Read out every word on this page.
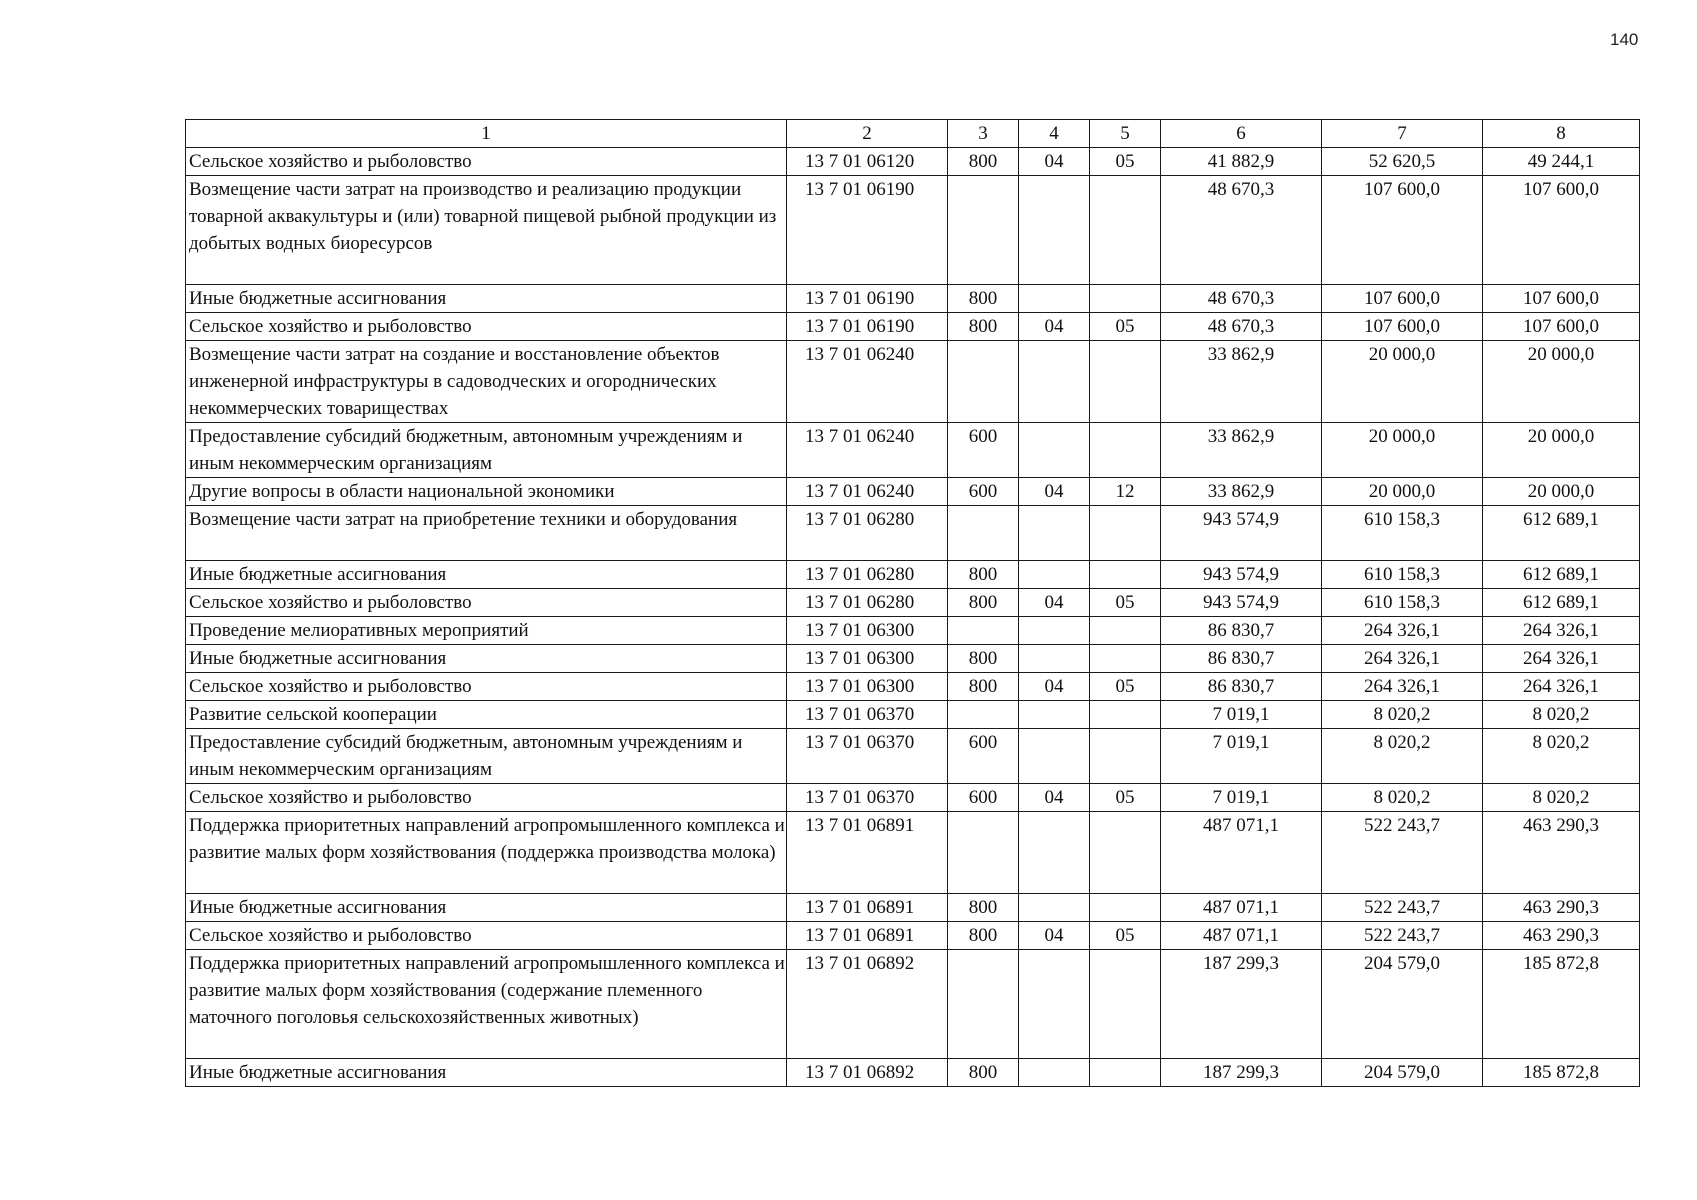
140
1	2	3	4	5	6	7	8
Сельское хозяйство и рыболовство	13 7 01 06120	800	04	05	41 882,9	52 620,5	49 244,1
Возмещение части затрат на производство и реализацию продукции товарной аквакультуры и (или) товарной пищевой рыбной продукции из добытых водных биоресурсов	13 7 01 06190				48 670,3	107 600,0	107 600,0
Иные бюджетные ассигнования	13 7 01 06190	800			48 670,3	107 600,0	107 600,0
Сельское хозяйство и рыболовство	13 7 01 06190	800	04	05	48 670,3	107 600,0	107 600,0
Возмещение части затрат на создание и восстановление объектов инженерной инфраструктуры в садоводческих и огороднических некоммерческих товариществах	13 7 01 06240				33 862,9	20 000,0	20 000,0
Предоставление субсидий бюджетным, автономным учреждениям и иным некоммерческим организациям	13 7 01 06240	600			33 862,9	20 000,0	20 000,0
Другие вопросы в области национальной экономики	13 7 01 06240	600	04	12	33 862,9	20 000,0	20 000,0
Возмещение части затрат на приобретение техники и оборудования	13 7 01 06280				943 574,9	610 158,3	612 689,1
Иные бюджетные ассигнования	13 7 01 06280	800			943 574,9	610 158,3	612 689,1
Сельское хозяйство и рыболовство	13 7 01 06280	800	04	05	943 574,9	610 158,3	612 689,1
Проведение мелиоративных мероприятий	13 7 01 06300				86 830,7	264 326,1	264 326,1
Иные бюджетные ассигнования	13 7 01 06300	800			86 830,7	264 326,1	264 326,1
Сельское хозяйство и рыболовство	13 7 01 06300	800	04	05	86 830,7	264 326,1	264 326,1
Развитие сельской кооперации	13 7 01 06370				7 019,1	8 020,2	8 020,2
Предоставление субсидий бюджетным, автономным учреждениям и иным некоммерческим организациям	13 7 01 06370	600			7 019,1	8 020,2	8 020,2
Сельское хозяйство и рыболовство	13 7 01 06370	600	04	05	7 019,1	8 020,2	8 020,2
Поддержка приоритетных направлений агропромышленного комплекса и развитие малых форм хозяйствования (поддержка производства молока)	13 7 01 06891				487 071,1	522 243,7	463 290,3
Иные бюджетные ассигнования	13 7 01 06891	800			487 071,1	522 243,7	463 290,3
Сельское хозяйство и рыболовство	13 7 01 06891	800	04	05	487 071,1	522 243,7	463 290,3
Поддержка приоритетных направлений агропромышленного комплекса и развитие малых форм хозяйствования (содержание племенного маточного поголовья сельскохозяйственных животных)	13 7 01 06892				187 299,3	204 579,0	185 872,8
Иные бюджетные ассигнования	13 7 01 06892	800			187 299,3	204 579,0	185 872,8
